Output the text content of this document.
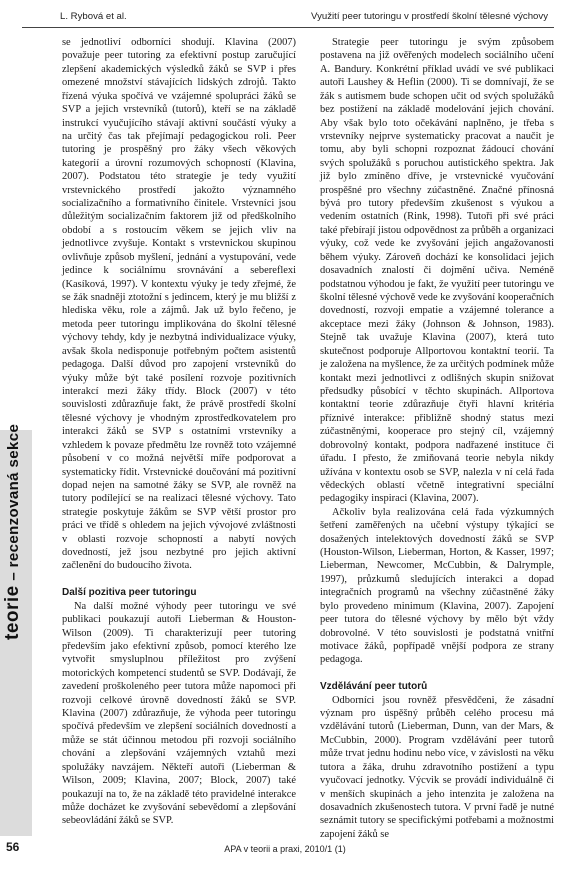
L. Rybová et al.	Využití peer tutoringu v prostředí školní tělesné výchovy
teorie – recenzovaná sekce
56

se jednotliví odborníci shodují. Klavina (2007) považuje peer tutoring za efektivní postup zaručující zlepšení akademických výsledků žáků se SVP i přes omezené množství stávajících lidských zdrojů. Takto řízená výuka spočívá ve vzájemné spolupráci žáků se SVP a jejich vrstevníků (tutorů), kteří se na základě instrukcí vyučujícího stávají aktivní součástí výuky a na určitý čas tak přejímají pedagogickou roli. Peer tutoring je prospěšný pro žáky všech věkových kategorií a úrovní rozumových schopností (Klavina, 2007). Podstatou této strategie je tedy využití vrstevnického prostředí jakožto významného socializačního a formativního činitele. Vrstevníci jsou důležitým socializačním faktorem již od předškolního období a s rostoucím věkem se jejich vliv na jednotlivce zvyšuje. Kontakt s vrstevnickou skupinou ovlivňuje způsob myšlení, jednání a vystupování, vede jedince k sociálnímu srovnávání a sebereflexi (Kasíková, 1997). V kontextu výuky je tedy zřejmé, že se žák snadněji ztotožní s jedincem, který je mu bližší z hlediska věku, role a zájmů. Jak už bylo řečeno, je metoda peer tutoringu implikována do školní tělesné výchovy tehdy, kdy je nezbytná individualizace výuky, avšak škola nedisponuje potřebným počtem asistentů pedagoga. Další důvod pro zapojení vrstevníků do výuky může být také posílení rozvoje pozitivních interakcí mezi žáky třídy. Block (2007) v této souvislosti zdůrazňuje fakt, že právě prostředí školní tělesné výchovy je vhodným zprostředkovatelem pro interakci žáků se SVP s ostatními vrstevníky a vzhledem k povaze předmětu lze rovněž toto vzájemné působení v co možná největší míře podporovat a systematicky řídit. Vrstevnické doučování má pozitivní dopad nejen na samotné žáky se SVP, ale rovněž na tutory podílející se na realizaci tělesné výchovy. Tato strategie poskytuje žákům se SVP větší prostor pro práci ve třídě s ohledem na jejich vývojové zvláštnosti v oblasti rozvoje schopností a nabytí nových dovedností, jež jsou nezbytné pro jejich aktivní začlenění do budoucího života.

Další pozitiva peer tutoringu

Na další možné výhody peer tutoringu ve své publikaci poukazují autoři Lieberman & Houston-Wilson (2009). Ti charakterizují peer tutoring především jako efektivní způsob, pomocí kterého lze vytvořit smysluplnou příležitost pro zvýšení motorických kompetencí studentů se SVP. Dodávají, že zavedení proškoleného peer tutora může napomoci při rozvoji celkové úrovně dovedností žáků se SVP. Klavina (2007) zdůrazňuje, že výhoda peer tutoringu spočívá především ve zlepšení sociálních dovedností a může se stát účinnou metodou při rozvoji sociálního chování a zlepšování vzájemných vztahů mezi spolužáky navzájem. Někteří autoři (Lieberman & Wilson, 2009; Klavina, 2007; Block, 2007) také poukazují na to, že na základě této pravidelné interakce může docházet ke zvyšování sebevědomí a zlepšování sebeovládání žáků se SVP.

Strategie peer tutoringu je svým způsobem postavena na již ověřených modelech sociálního učení A. Bandury. Konkrétní příklad uvádí ve své publikaci autoři Laushey & Heflin (2000). Ti se domnívají, že se žák s autismem bude schopen učit od svých spolužáků bez postižení na základě modelování jejich chování. Aby však bylo toto očekávání naplněno, je třeba s vrstevníky nejprve systematicky pracovat a naučit je tomu, aby byli schopni rozpoznat žádoucí chování svých spolužáků s poruchou autistického spektra. Jak již bylo zmíněno dříve, je vrstevnické vyučování prospěšné pro všechny zúčastněné. Značné přínosná bývá pro tutory především zkušenost s výukou a vedením ostatních (Rink, 1998). Tutoři při své práci také přebírají jistou odpovědnost za průběh a organizaci výuky, což vede ke zvyšování jejich angažovanosti během výuky. Zároveň dochází ke konsolidaci jejich dosavadních znalostí či dojmění učiva. Neméně podstatnou výhodou je fakt, že využití peer tutoringu ve školní tělesné výchově vede ke zvyšování kooperačních dovedností, rozvoji empatie a vzájemné tolerance a akceptace mezi žáky (Johnson & Johnson, 1983). Stejně tak uvažuje Klavina (2007), která tuto skutečnost podporuje Allportovou kontaktní teorií. Ta je založena na myšlence, že za určitých podmínek může kontakt mezi jednotlivci z odlišných skupin snižovat předsudky působící v těchto skupinách. Allportova kontaktní teorie zdůrazňuje čtyři hlavní kritéria příznivé interakce: přibližně shodný status mezi zúčastněnými, kooperace pro stejný cíl, vzájemný dobrovolný kontakt, podpora nadřazené instituce či úřadu. I přesto, že zmiňovaná teorie nebyla nikdy užívána v kontextu osob se SVP, nalezla v ní celá řada vědeckých oblastí včetně integrativní speciální pedagogiky inspiraci (Klavina, 2007).

Ačkoliv byla realizována celá řada výzkumných šetření zaměřených na učební výstupy týkající se dosažených intelektových dovedností žáků se SVP (Houston-Wilson, Lieberman, Horton, & Kasser, 1997; Lieberman, Newcomer, McCubbin, & Dalrymple, 1997), průzkumů sledujících interakci a dopad integračních programů na všechny zúčastněné žáky bylo provedeno minimum (Klavina, 2007). Zapojení peer tutora do tělesné výchovy by mělo být vždy dobrovolné. V této souvislosti je podstatná vnitřní motivace žáků, popřípadě vnější podpora ze strany pedagoga.

Vzdělávání peer tutorů

Odborníci jsou rovněž přesvědčeni, že zásadní význam pro úspěšný průběh celého procesu má vzdělávání tutorů (Lieberman, Dunn, van der Mars, & McCubbin, 2000). Program vzdělávání peer tutorů může trvat jednu hodinu nebo více, v závislosti na věku tutora a žáka, druhu zdravotního postižení a typu vyučovací jednotky. Výcvik se provádí individuálně či v menších skupinách a jeho intenzita je založena na dosavadních zkušenostech tutora. V první řadě je nutné seznámit tutory se specifickými potřebami a možnostmi zapojení žáků se

APA v teorii a praxi, 2010/1 (1)
